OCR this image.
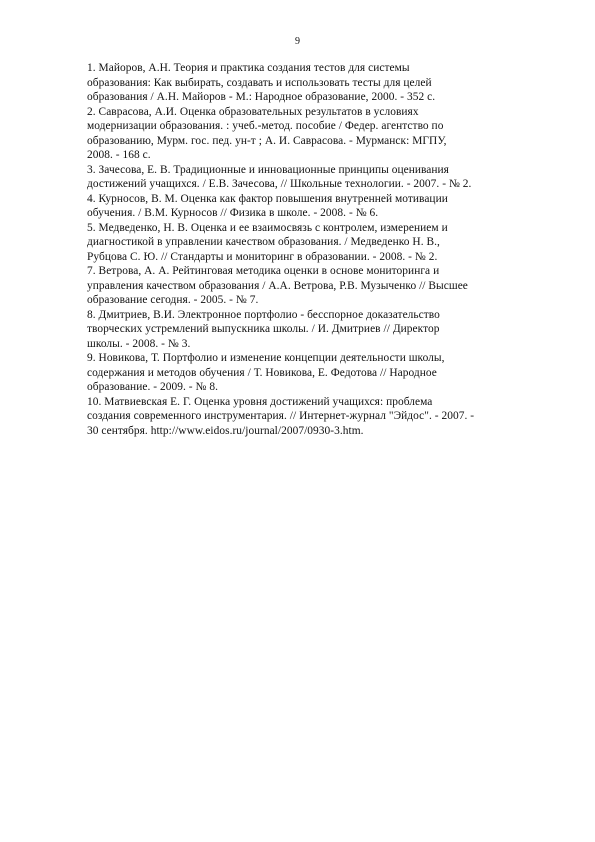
9
1. Майоров, А.Н. Теория и практика создания тестов для системы
образования: Как выбирать, создавать и использовать тесты для целей
образования / А.Н. Майоров - М.: Народное образование, 2000. - 352 с.
2. Савраcова, А.И. Оценка образовательных результатов в условиях
модернизации образования. : учеб.-метод. пособие / Федер. агентство по
образованию, Мурм. гос. пед. ун-т ; А. И. Саврасова. - Мурманск: МГПУ,
2008. - 168 с.
3. Зачесова, Е. В. Традиционные и инновационные принципы оценивания
достижений учащихся. / Е.В. Зачесова, // Школьные технологии. - 2007. - № 2.
4. Курносов, В. М. Оценка как фактор повышения внутренней мотивации
обучения. / В.М. Курносов // Физика в школе. - 2008. - № 6.
5. Медведенко, Н. В. Оценка и ее взаимосвязь с контролем, измерением и
диагностикой в управлении качеством образования. / Медведенко Н. В.,
Рубцова С. Ю. // Стандарты и мониторинг в образовании. - 2008. - № 2.
7. Ветрова, А. А. Рейтинговая методика оценки в основе мониторинга и
управления качеством образования / А.А. Ветрова, Р.В. Музыченко // Высшее
образование сегодня. - 2005. - № 7.
8. Дмитриев, В.И. Электронное портфолио - бесспорное доказательство
творческих устремлений выпускника школы. / И. Дмитриев // Директор
школы. - 2008. - № 3.
9. Новикова, Т. Портфолио и изменение концепции деятельности школы,
содержания и методов обучения / Т. Новикова, Е. Федотова // Народное
образование. - 2009. - № 8.
10. Матвиевская Е. Г. Оценка уровня достижений учащихся: проблема
создания современного инструментария. // Интернет-журнал "Эйдос". - 2007. -
30 сентября. http://www.eidos.ru/journal/2007/0930-3.htm.
